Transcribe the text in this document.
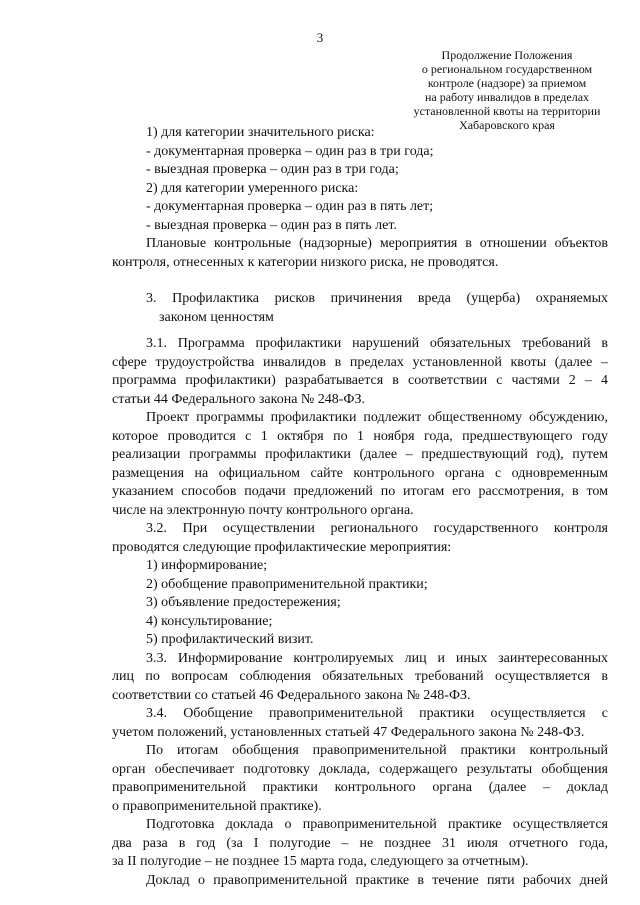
3
Продолжение Положения
о региональном государственном
контроле (надзоре) за приемом
на работу инвалидов в пределах
установленной квоты на территории
Хабаровского края
1) для категории значительного риска:
- документарная проверка – один раз в три года;
- выездная проверка – один раз в три года;
2) для категории умеренного риска:
- документарная проверка – один раз в пять лет;
- выездная проверка – один раз в пять лет.
Плановые контрольные (надзорные) мероприятия в отношении объектов
контроля, отнесенных к категории низкого риска, не проводятся.
3. Профилактика рисков причинения вреда (ущерба) охраняемых
законом ценностям
3.1. Программа профилактики нарушений обязательных требований в
сфере трудоустройства инвалидов в пределах установленной квоты (далее –
программа профилактики) разрабатывается в соответствии с частями 2 – 4
статьи 44 Федерального закона № 248-ФЗ.
Проект программы профилактики подлежит общественному обсуждению,
которое проводится с 1 октября по 1 ноября года, предшествующего году
реализации программы профилактики (далее – предшествующий год), путем
размещения на официальном сайте контрольного органа с одновременным
указанием способов подачи предложений по итогам его рассмотрения, в том
числе на электронную почту контрольного органа.
3.2. При осуществлении регионального государственного контроля
проводятся следующие профилактические мероприятия:
1) информирование;
2) обобщение правоприменительной практики;
3) объявление предостережения;
4) консультирование;
5) профилактический визит.
3.3. Информирование контролируемых лиц и иных заинтересованных
лиц по вопросам соблюдения обязательных требований осуществляется в
соответствии со статьей 46 Федерального закона № 248-ФЗ.
3.4. Обобщение правоприменительной практики осуществляется с
учетом положений, установленных статьей 47 Федерального закона № 248-ФЗ.
По итогам обобщения правоприменительной практики контрольный
орган обеспечивает подготовку доклада, содержащего результаты обобщения
правоприменительной практики контрольного органа (далее – доклад
о правоприменительной практике).
Подготовка доклада о правоприменительной практике осуществляется
два раза в год (за I полугодие – не позднее 31 июля отчетного года,
за II полугодие – не позднее 15 марта года, следующего за отчетным).
Доклад о правоприменительной практике в течение пяти рабочих дней
